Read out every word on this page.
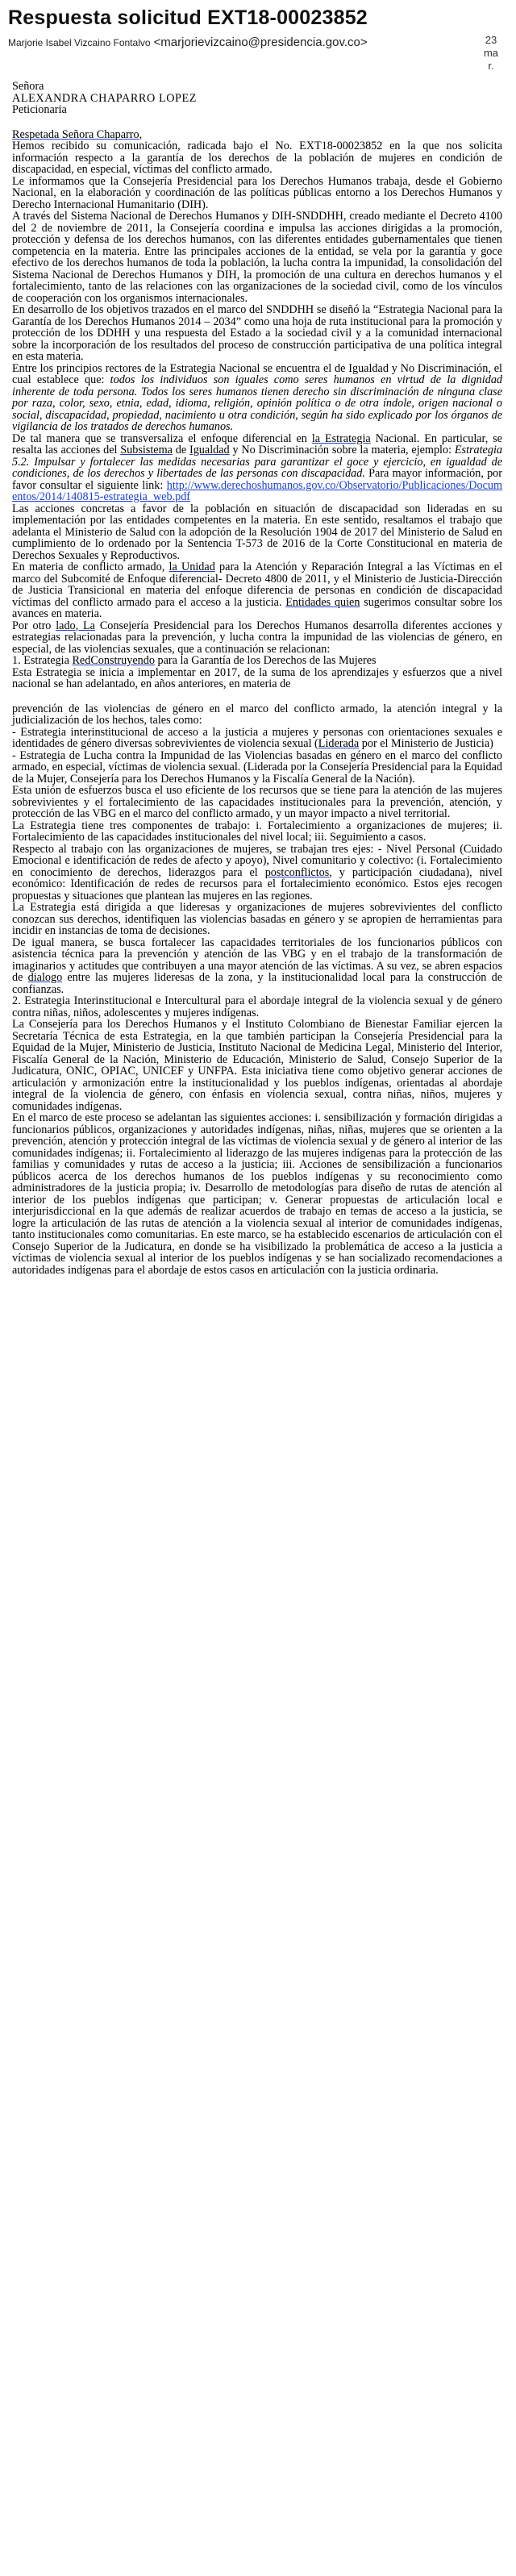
Respuesta solicitud EXT18-00023852
Marjorie Isabel Vizcaino Fontalvo <marjorievizcaino@presidencia.gov.co>	23
ma
r.

Señora

ALEXANDRA CHAPARRO LOPEZ

Peticionaria

Respetada Señora Chaparro,

Hemos recibido su comunicación, radicada bajo el No. EXT18-00023852 en la que nos solicita información respecto a la garantía de los derechos de la población de mujeres en condición de discapacidad, en especial, víctimas del conflicto armado.

Le informamos que la Consejería Presidencial para los Derechos Humanos trabaja, desde el Gobierno Nacional, en la elaboración y coordinación de las políticas públicas entorno a los Derechos Humanos y Derecho Internacional Humanitario (DIH).

A través del Sistema Nacional de Derechos Humanos y DIH-SNDDHH, creado mediante el Decreto 4100 del 2 de noviembre de 2011, la Consejería coordina e impulsa las acciones dirigidas a la promoción, protección y defensa de los derechos humanos, con las diferentes entidades gubernamentales que tienen competencia en la materia. Entre las principales acciones de la entidad, se vela por la garantía y goce efectivo de los derechos humanos de toda la población, la lucha contra la impunidad, la consolidación del Sistema Nacional de Derechos Humanos y DIH, la promoción de una cultura en derechos humanos y el fortalecimiento, tanto de las relaciones con las organizaciones de la sociedad civil, como de los vínculos de cooperación con los organismos internacionales.

En desarrollo de los objetivos trazados en el marco del SNDDHH se diseñó la “Estrategia Nacional para la Garantía de los Derechos Humanos 2014 – 2034” como una hoja de ruta institucional para la promoción y protección de los DDHH y una respuesta del Estado a la sociedad civil y a la comunidad internacional sobre la incorporación de los resultados del proceso de construcción participativa de una política integral en esta materia.

Entre los principios rectores de la Estrategia Nacional se encuentra el de Igualdad y No Discriminación, el cual establece que: todos los individuos son iguales como seres humanos en virtud de la dignidad inherente de toda persona. Todos los seres humanos tienen derecho sin discriminación de ninguna clase por raza, color, sexo, etnia, edad, idioma, religión, opinión política o de otra índole, origen nacional o social, discapacidad, propiedad, nacimiento u otra condición, según ha sido explicado por los órganos de vigilancia de los tratados de derechos humanos.

De tal manera que se transversaliza el enfoque diferencial en la Estrategia Nacional. En particular, se resalta las acciones del Subsistema de Igualdad y No Discriminación sobre la materia, ejemplo: Estrategia 5.2. Impulsar y fortalecer las medidas necesarias para garantizar el goce y ejercicio, en igualdad de condiciones, de los derechos y libertades de las personas con discapacidad. Para mayor información, por favor consultar el siguiente link: http://www.derechoshumanos.gov.co/Observatorio/Publicaciones/Documentos/2014/140815-estrategia_web.pdf

Las acciones concretas a favor de la población en situación de discapacidad son lideradas en su implementación por las entidades competentes en la materia. En este sentido, resaltamos el trabajo que adelanta el Ministerio de Salud con la adopción de la Resolución 1904 de 2017 del Ministerio de Salud en cumplimiento de lo ordenado por la Sentencia T-573 de 2016 de la Corte Constitucional en materia de Derechos Sexuales y Reproductivos.

En materia de conflicto armado, la Unidad para la Atención y Reparación Integral a las Víctimas en el marco del Subcomité de Enfoque diferencial- Decreto 4800 de 2011, y el Ministerio de Justicia-Dirección de Justicia Transicional en materia del enfoque diferencia de personas en condición de discapacidad víctimas del conflicto armado para el acceso a la justicia. Entidades quien sugerimos consultar sobre los avances en materia.

Por otro lado, La Consejería Presidencial para los Derechos Humanos desarrolla diferentes acciones y estrategias relacionadas para la prevención, y lucha contra la impunidad de las violencias de género, en especial, de las violencias sexuales, que a continuación se relacionan:

1. Estrategia RedConstruyendo para la Garantía de los Derechos de las Mujeres

Esta Estrategia se inicia a implementar en 2017, de la suma de los aprendizajes y esfuerzos que a nivel nacional se han adelantado, en años anteriores, en materia de

prevención de las violencias de género en el marco del conflicto armado, la atención integral y la judicialización de los hechos, tales como:

- Estrategia interinstitucional de acceso a la justicia a mujeres y personas con orientaciones sexuales e identidades de género diversas sobrevivientes de violencia sexual (Liderada por el Ministerio de Justicia)

- Estrategia de Lucha contra la Impunidad de las Violencias basadas en género en el marco del conflicto armado, en especial, víctimas de violencia sexual. (Liderada por la Consejería Presidencial para la Equidad de la Mujer, Consejería para los Derechos Humanos y la Fiscalía General de la Nación).

Esta unión de esfuerzos busca el uso eficiente de los recursos que se tiene para la atención de las mujeres sobrevivientes y el fortalecimiento de las capacidades institucionales para la prevención, atención, y protección de las VBG en el marco del conflicto armado, y un mayor impacto a nivel territorial.

La Estrategia tiene tres componentes de trabajo: i. Fortalecimiento a organizaciones de mujeres; ii. Fortalecimiento de las capacidades institucionales del nivel local; iii. Seguimiento a casos.

Respecto al trabajo con las organizaciones de mujeres, se trabajan tres ejes: - Nivel Personal (Cuidado Emocional e identificación de redes de afecto y apoyo), Nivel comunitario y colectivo: (i. Fortalecimiento en conocimiento de derechos, liderazgos para el postconflictos, y participación ciudadana), nivel económico: Identificación de redes de recursos para el fortalecimiento económico. Estos ejes recogen propuestas y situaciones que plantean las mujeres en las regiones.

La Estrategia está dirigida a que lideresas y organizaciones de mujeres sobrevivientes del conflicto conozcan sus derechos, identifiquen las violencias basadas en género y se apropien de herramientas para incidir en instancias de toma de decisiones.

De igual manera, se busca fortalecer las capacidades territoriales de los funcionarios públicos con asistencia técnica para la prevención y atención de las VBG y en el trabajo de la transformación de imaginarios y actitudes que contribuyen a una mayor atención de las víctimas. A su vez, se abren espacios de dialogo entre las mujeres lideresas de la zona, y la institucionalidad local para la construcción de confianzas.

2. Estrategia Interinstitucional e Intercultural para el abordaje integral de la violencia sexual y de género contra niñas, niños, adolescentes y mujeres indígenas.

La Consejería para los Derechos Humanos y el Instituto Colombiano de Bienestar Familiar ejercen la Secretaría Técnica de esta Estrategia, en la que también participan la Consejería Presidencial para la Equidad de la Mujer, Ministerio de Justicia, Instituto Nacional de Medicina Legal, Ministerio del Interior, Fiscalía General de la Nación, Ministerio de Educación, Ministerio de Salud, Consejo Superior de la Judicatura, ONIC, OPIAC, UNICEF y UNFPA. Esta iniciativa tiene como objetivo generar acciones de articulación y armonización entre la institucionalidad y los pueblos indígenas, orientadas al abordaje integral de la violencia de género, con énfasis en violencia sexual, contra niñas, niños, mujeres y comunidades indígenas.

En el marco de este proceso se adelantan las siguientes acciones: i. sensibilización y formación dirigidas a funcionarios públicos, organizaciones y autoridades indígenas, niñas, niñas, mujeres que se orienten a la prevención, atención y protección integral de las víctimas de violencia sexual y de género al interior de las comunidades indígenas; ii. Fortalecimiento al liderazgo de las mujeres indígenas para la protección de las familias y comunidades y rutas de acceso a la justicia; iii. Acciones de sensibilización a funcionarios públicos acerca de los derechos humanos de los pueblos indígenas y su reconocimiento como administradores de la justicia propia; iv. Desarrollo de metodologías para diseño de rutas de atención al interior de los pueblos indígenas que participan; v. Generar propuestas de articulación local e interjurisdiccional en la que además de realizar acuerdos de trabajo en temas de acceso a la justicia, se logre la articulación de las rutas de atención a la violencia sexual al interior de comunidades indígenas, tanto institucionales como comunitarias. En este marco, se ha establecido escenarios de articulación con el Consejo Superior de la Judicatura, en donde se ha visibilizado la problemática de acceso a la justicia a víctimas de violencia sexual al interior de los pueblos indígenas y se han socializado recomendaciones a autoridades indígenas para el abordaje de estos casos en articulación con la justicia ordinaria.
